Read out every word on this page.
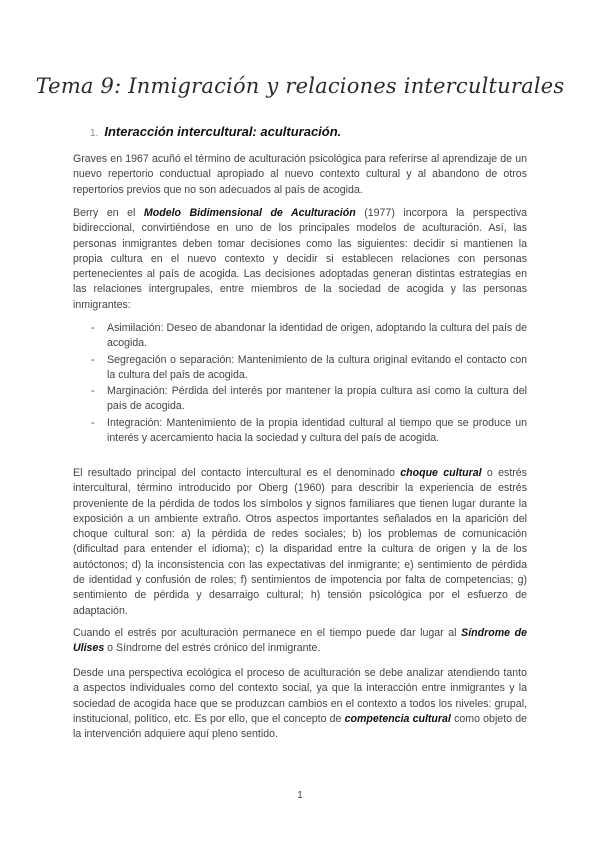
Tema 9: Inmigración y relaciones interculturales
1. Interacción intercultural: aculturación.
Graves en 1967 acuñó el término de aculturación psicológica para referirse al aprendizaje de un nuevo repertorio conductual apropiado al nuevo contexto cultural y al abandono de otros repertorios previos que no son adecuados al país de acogida.
Berry en el Modelo Bidimensional de Aculturación (1977) incorpora la perspectiva bidireccional, convirtiéndose en uno de los principales modelos de aculturación. Así, las personas inmigrantes deben tomar decisiones como las siguientes: decidir si mantienen la propia cultura en el nuevo contexto y decidir si establecen relaciones con personas pertenecientes al país de acogida. Las decisiones adoptadas generan distintas estrategias en las relaciones intergrupales, entre miembros de la sociedad de acogida y las personas inmigrantes:
- Asimilación: Deseo de abandonar la identidad de origen, adoptando la cultura del país de acogida.
- Segregación o separación: Mantenimiento de la cultura original evitando el contacto con la cultura del país de acogida.
- Marginación: Pérdida del interés por mantener la propia cultura así como la cultura del país de acogida.
- Integración: Mantenimiento de la propia identidad cultural al tiempo que se produce un interés y acercamiento hacia la sociedad y cultura del país de acogida.
El resultado principal del contacto intercultural es el denominado choque cultural o estrés intercultural, término introducido por Oberg (1960) para describir la experiencia de estrés proveniente de la pérdida de todos los símbolos y signos familiares que tienen lugar durante la exposición a un ambiente extraño. Otros aspectos importantes señalados en la aparición del choque cultural son: a) la pérdida de redes sociales; b) los problemas de comunicación (dificultad para entender el idioma); c) la disparidad entre la cultura de origen y la de los autóctonos; d) la inconsistencia con las expectativas del inmigrante; e) sentimiento de pérdida de identidad y confusión de roles; f) sentimientos de impotencia por falta de competencias; g) sentimiento de pérdida y desarraigo cultural; h) tensión psicológica por el esfuerzo de adaptación.
Cuando el estrés por aculturación permanece en el tiempo puede dar lugar al Síndrome de Ulises o Síndrome del estrés crónico del inmigrante.
Desde una perspectiva ecológica el proceso de aculturación se debe analizar atendiendo tanto a aspectos individuales como del contexto social, ya que la interacción entre inmigrantes y la sociedad de acogida hace que se produzcan cambios en el contexto a todos los niveles: grupal, institucional, político, etc. Es por ello, que el concepto de competencia cultural como objeto de la intervención adquiere aquí pleno sentido.
1
